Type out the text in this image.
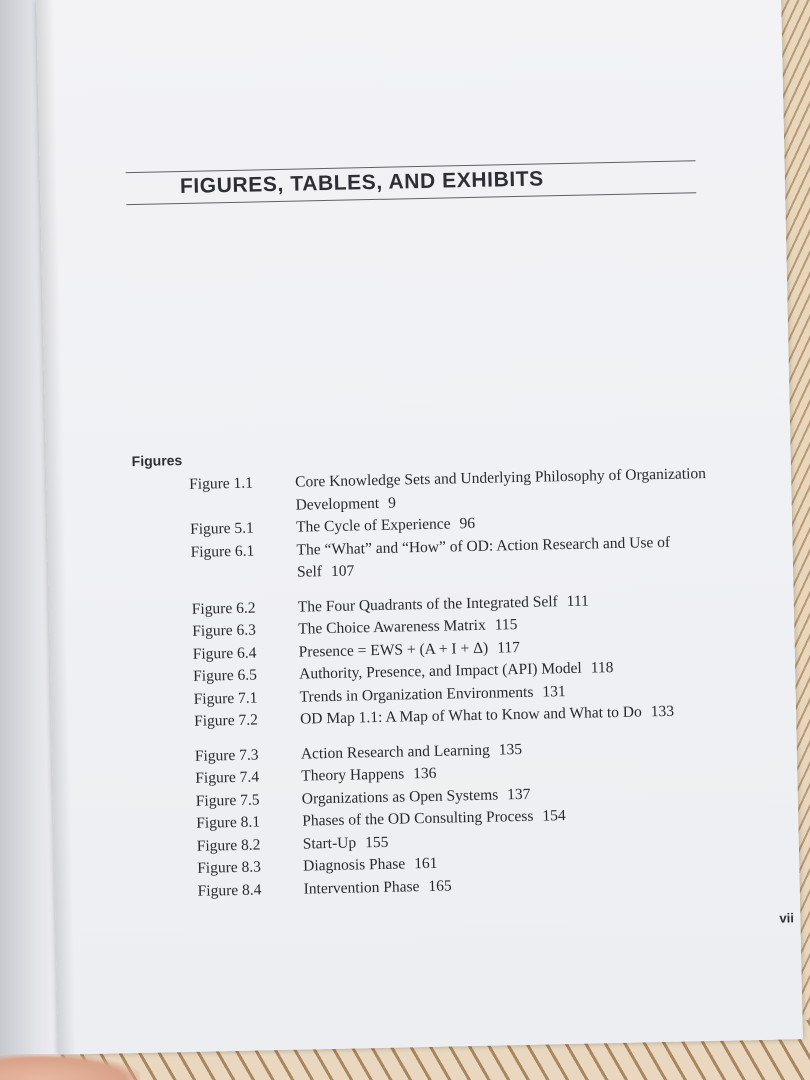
FIGURES, TABLES, AND EXHIBITS
Figures
Figure 1.1	Core Knowledge Sets and Underlying Philosophy of Organization Development 9
Figure 5.1	The Cycle of Experience 96
Figure 6.1	The “What” and “How” of OD: Action Research and Use of Self 107
Figure 6.2	The Four Quadrants of the Integrated Self 111
Figure 6.3	The Choice Awareness Matrix 115
Figure 6.4	Presence = EWS + (A + I + Δ) 117
Figure 6.5	Authority, Presence, and Impact (API) Model 118
Figure 7.1	Trends in Organization Environments 131
Figure 7.2	OD Map 1.1: A Map of What to Know and What to Do 133
Figure 7.3	Action Research and Learning 135
Figure 7.4	Theory Happens 136
Figure 7.5	Organizations as Open Systems 137
Figure 8.1	Phases of the OD Consulting Process 154
Figure 8.2	Start-Up 155
Figure 8.3	Diagnosis Phase 161
Figure 8.4	Intervention Phase 165
vii
